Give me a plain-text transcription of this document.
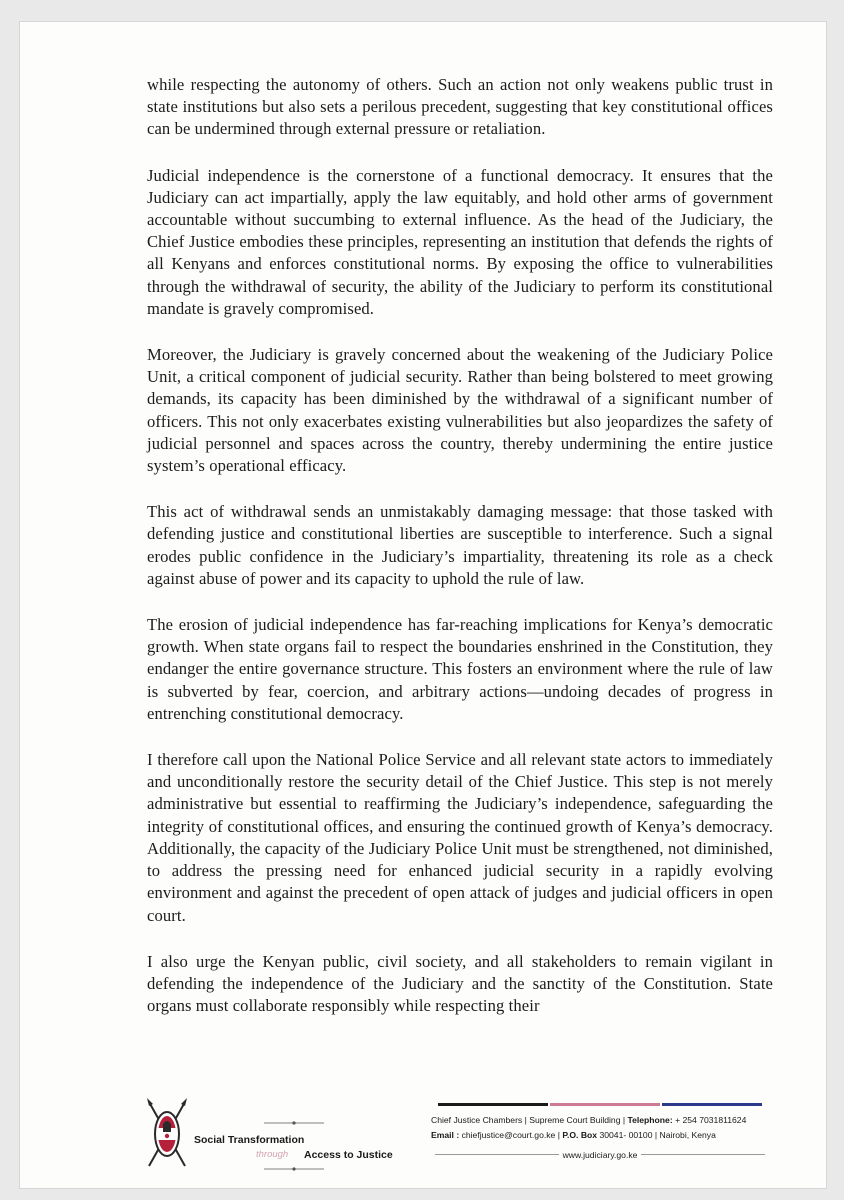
while respecting the autonomy of others. Such an action not only weakens public trust in state institutions but also sets a perilous precedent, suggesting that key constitutional offices can be undermined through external pressure or retaliation.

Judicial independence is the cornerstone of a functional democracy. It ensures that the Judiciary can act impartially, apply the law equitably, and hold other arms of government accountable without succumbing to external influence. As the head of the Judiciary, the Chief Justice embodies these principles, representing an institution that defends the rights of all Kenyans and enforces constitutional norms. By exposing the office to vulnerabilities through the withdrawal of security, the ability of the Judiciary to perform its constitutional mandate is gravely compromised.

Moreover, the Judiciary is gravely concerned about the weakening of the Judiciary Police Unit, a critical component of judicial security. Rather than being bolstered to meet growing demands, its capacity has been diminished by the withdrawal of a significant number of officers. This not only exacerbates existing vulnerabilities but also jeopardizes the safety of judicial personnel and spaces across the country, thereby undermining the entire justice system’s operational efficacy.

This act of withdrawal sends an unmistakably damaging message: that those tasked with defending justice and constitutional liberties are susceptible to interference. Such a signal erodes public confidence in the Judiciary’s impartiality, threatening its role as a check against abuse of power and its capacity to uphold the rule of law.

The erosion of judicial independence has far-reaching implications for Kenya’s democratic growth. When state organs fail to respect the boundaries enshrined in the Constitution, they endanger the entire governance structure. This fosters an environment where the rule of law is subverted by fear, coercion, and arbitrary actions—undoing decades of progress in entrenching constitutional democracy.

I therefore call upon the National Police Service and all relevant state actors to immediately and unconditionally restore the security detail of the Chief Justice. This step is not merely administrative but essential to reaffirming the Judiciary’s independence, safeguarding the integrity of constitutional offices, and ensuring the continued growth of Kenya’s democracy. Additionally, the capacity of the Judiciary Police Unit must be strengthened, not diminished, to address the pressing need for enhanced judicial security in a rapidly evolving environment and against the precedent of open attack of judges and judicial officers in open court.

I also urge the Kenyan public, civil society, and all stakeholders to remain vigilant in defending the independence of the Judiciary and the sanctity of the Constitution. State organs must collaborate responsibly while respecting their

Social Transformation
through Access to Justice
Chief Justice Chambers | Supreme Court Building | Telephone: + 254 7031811624
Email : chiefjustice@court.go.ke | P.O. Box 30041- 00100 | Nairobi, Kenya
www.judiciary.go.ke
